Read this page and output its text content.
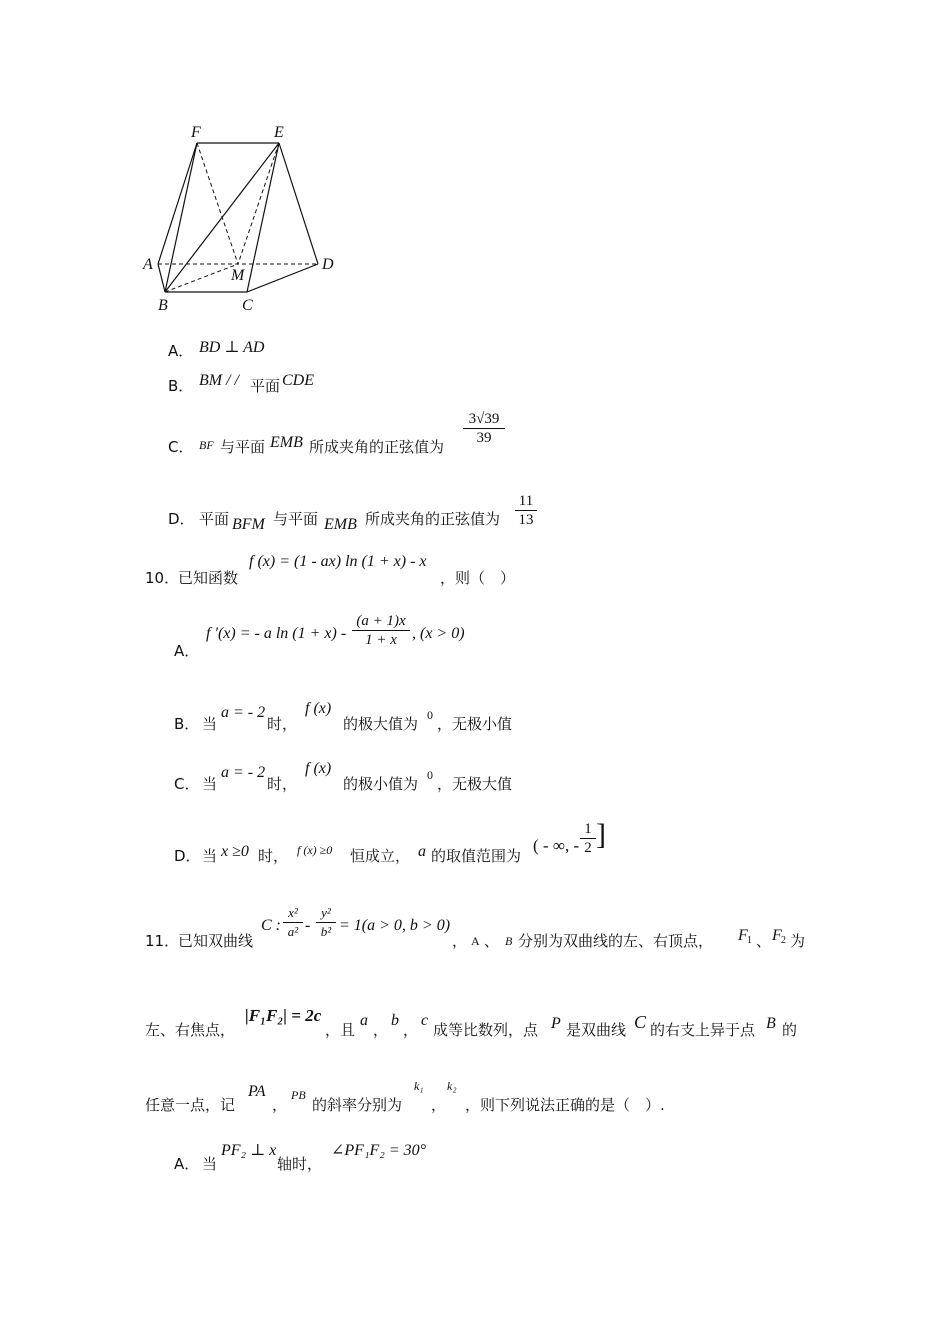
F	E
A
M
D
B	C
A． BD ⊥ AD
B． BM / / 平面 CDE
C． BF 与平面 EMB 所成夹角的正弦值为 $\frac{3√39}{39}$
D． 平面 BFM 与平面 EMB 所成夹角的正弦值为 $\frac{11}{13}$
10．
已知函数
f (x) = (1 - ax) ln (1 + x) - x
，则（　）
A．
f ′(x) = - a $\ln (1 + x) - \frac{(a + 1)x}{1 + x}$ , (x > 0)
B． 当
a = - 2
时，
f (x)
的极大值为 0 ，无极小值
C． 当
a = - 2
时，
f (x)
的极小值为 0 ，无极大值
D． 当 x ≥0 时， f (x) ≥0 恒成立， a 的取值范围为
( - ∞, - $\frac{1}{2}$ ]
11．
已知双曲线
C : $\frac{\text{x²}}{\text{a²}} - \frac{\text{y²}}{\text{b²}} = 1(a > 0$, b > 0)
， A 、 B 分别为双曲线的左、右顶点， F 1 、 F 2 为
左、右焦点，
|F₁F₂| = 2c
，且
a
，
b
，
c
成等比数列，点 P 是双曲线 C 的右支上异于点 B 的
任意一点，记
PA
，
PB
的斜率分别为
k₁
，
k₂
，则下列说法正确的是（　）.
A． 当
PF₂ ⊥ x
轴时，
∠PF₁F₂ = 30°
